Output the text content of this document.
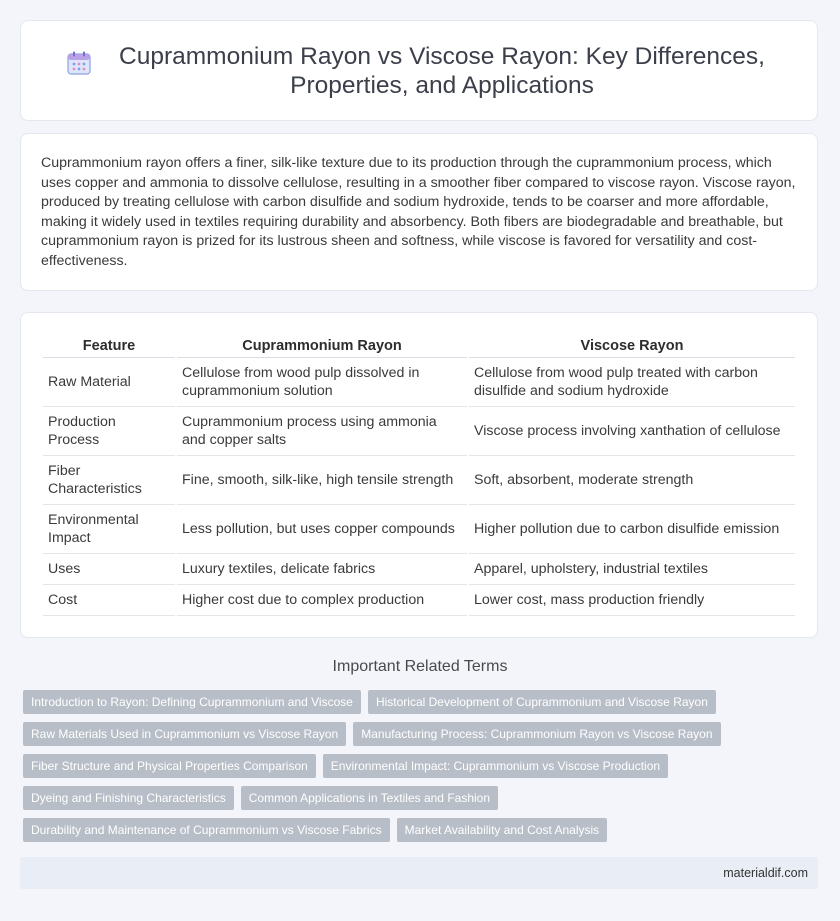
Cuprammonium Rayon vs Viscose Rayon: Key Differences, Properties, and Applications

Cuprammonium rayon offers a finer, silk-like texture due to its production through the cuprammonium process, which uses copper and ammonia to dissolve cellulose, resulting in a smoother fiber compared to viscose rayon. Viscose rayon, produced by treating cellulose with carbon disulfide and sodium hydroxide, tends to be coarser and more affordable, making it widely used in textiles requiring durability and absorbency. Both fibers are biodegradable and breathable, but cuprammonium rayon is prized for its lustrous sheen and softness, while viscose is favored for versatility and cost-effectiveness.

Feature	Cuprammonium Rayon	Viscose Rayon
Raw Material	Cellulose from wood pulp dissolved in cuprammonium solution	Cellulose from wood pulp treated with carbon disulfide and sodium hydroxide
Production Process	Cuprammonium process using ammonia and copper salts	Viscose process involving xanthation of cellulose
Fiber Characteristics	Fine, smooth, silk-like, high tensile strength	Soft, absorbent, moderate strength
Environmental Impact	Less pollution, but uses copper compounds	Higher pollution due to carbon disulfide emission
Uses	Luxury textiles, delicate fabrics	Apparel, upholstery, industrial textiles
Cost	Higher cost due to complex production	Lower cost, mass production friendly
Important Related Terms
Introduction to Rayon: Defining Cuprammonium and Viscose	Historical Development of Cuprammonium and Viscose Rayon
Raw Materials Used in Cuprammonium vs Viscose Rayon	Manufacturing Process: Cuprammonium Rayon vs Viscose Rayon
Fiber Structure and Physical Properties Comparison	Environmental Impact: Cuprammonium vs Viscose Production
Dyeing and Finishing Characteristics	Common Applications in Textiles and Fashion
Durability and Maintenance of Cuprammonium vs Viscose Fabrics	Market Availability and Cost Analysis
materialdif.com
